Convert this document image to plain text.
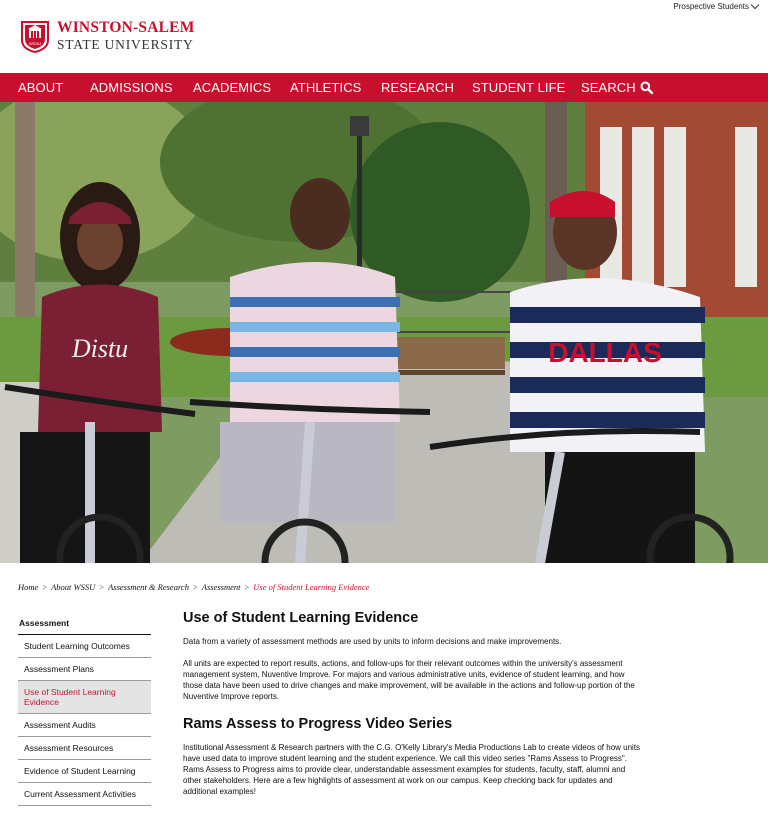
Prospective Students
WSSU
WINSTON-SALEM
STATE UNIVERSITY
ABOUT ADMISSIONS ACADEMICS ATHLETICS RESEARCH STUDENT LIFE SEARCH
Distu	DALLAS
Home > About WSSU > Assessment & Research > Assessment > Use of Student Learning Evidence
Assessment
Student Learning Outcomes
Assessment Plans
Use of Student Learning Evidence
Assessment Audits
Assessment Resources
Evidence of Student Learning
Current Assessment Activities
Use of Student Learning Evidence

Data from a variety of assessment methods are used by units to inform decisions and make improvements.

All units are expected to report results, actions, and follow-ups for their relevant outcomes within the university's assessment management system, Nuventive Improve. For majors and various administrative units, evidence of student learning, and how those data have been used to drive changes and make improvement, will be available in the actions and follow-up portion of the Nuventive Improve reports.

Rams Assess to Progress Video Series

Institutional Assessment & Research partners with the C.G. O'Kelly Library's Media Productions Lab to create videos of how units have used data to improve student learning and the student experience. We call this video series "Rams Assess to Progress". Rams Assess to Progress aims to provide clear, understandable assessment examples for students, faculty, staff, alumni and other stakeholders. Here are a few highlights of assessment at work on our campus. Keep checking back for updates and additional examples!
